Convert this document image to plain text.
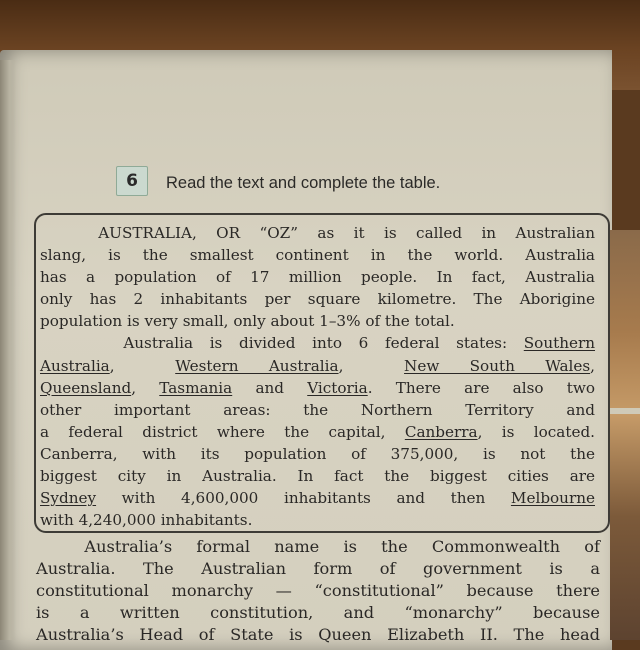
6	Read the text and complete the table.
AUSTRALIA, OR “OZ” as it is called in Australian
slang, is the smallest continent in the world. Australia
has a population of 17 million people. In fact, Australia
only has 2 inhabitants per square kilometre. The Aborigine
population is very small, only about 1–3% of the total.
Australia is divided into 6 federal states: Southern
Australia,  Western Australia,  New South Wales,
Queensland, Tasmania and Victoria. There are also two
other important areas: the Northern Territory and
a federal district where the capital, Canberra, is located.
Canberra, with its population of 375,000, is not the
biggest city in Australia. In fact the biggest cities are
Sydney with 4,600,000 inhabitants and then Melbourne
with 4,240,000 inhabitants.
Australia’s formal name is the Commonwealth of
Australia. The Australian form of government is a
constitutional monarchy — “constitutional” because there
is a written constitution, and “monarchy” because
Australia’s Head of State is Queen Elizabeth II. The head
